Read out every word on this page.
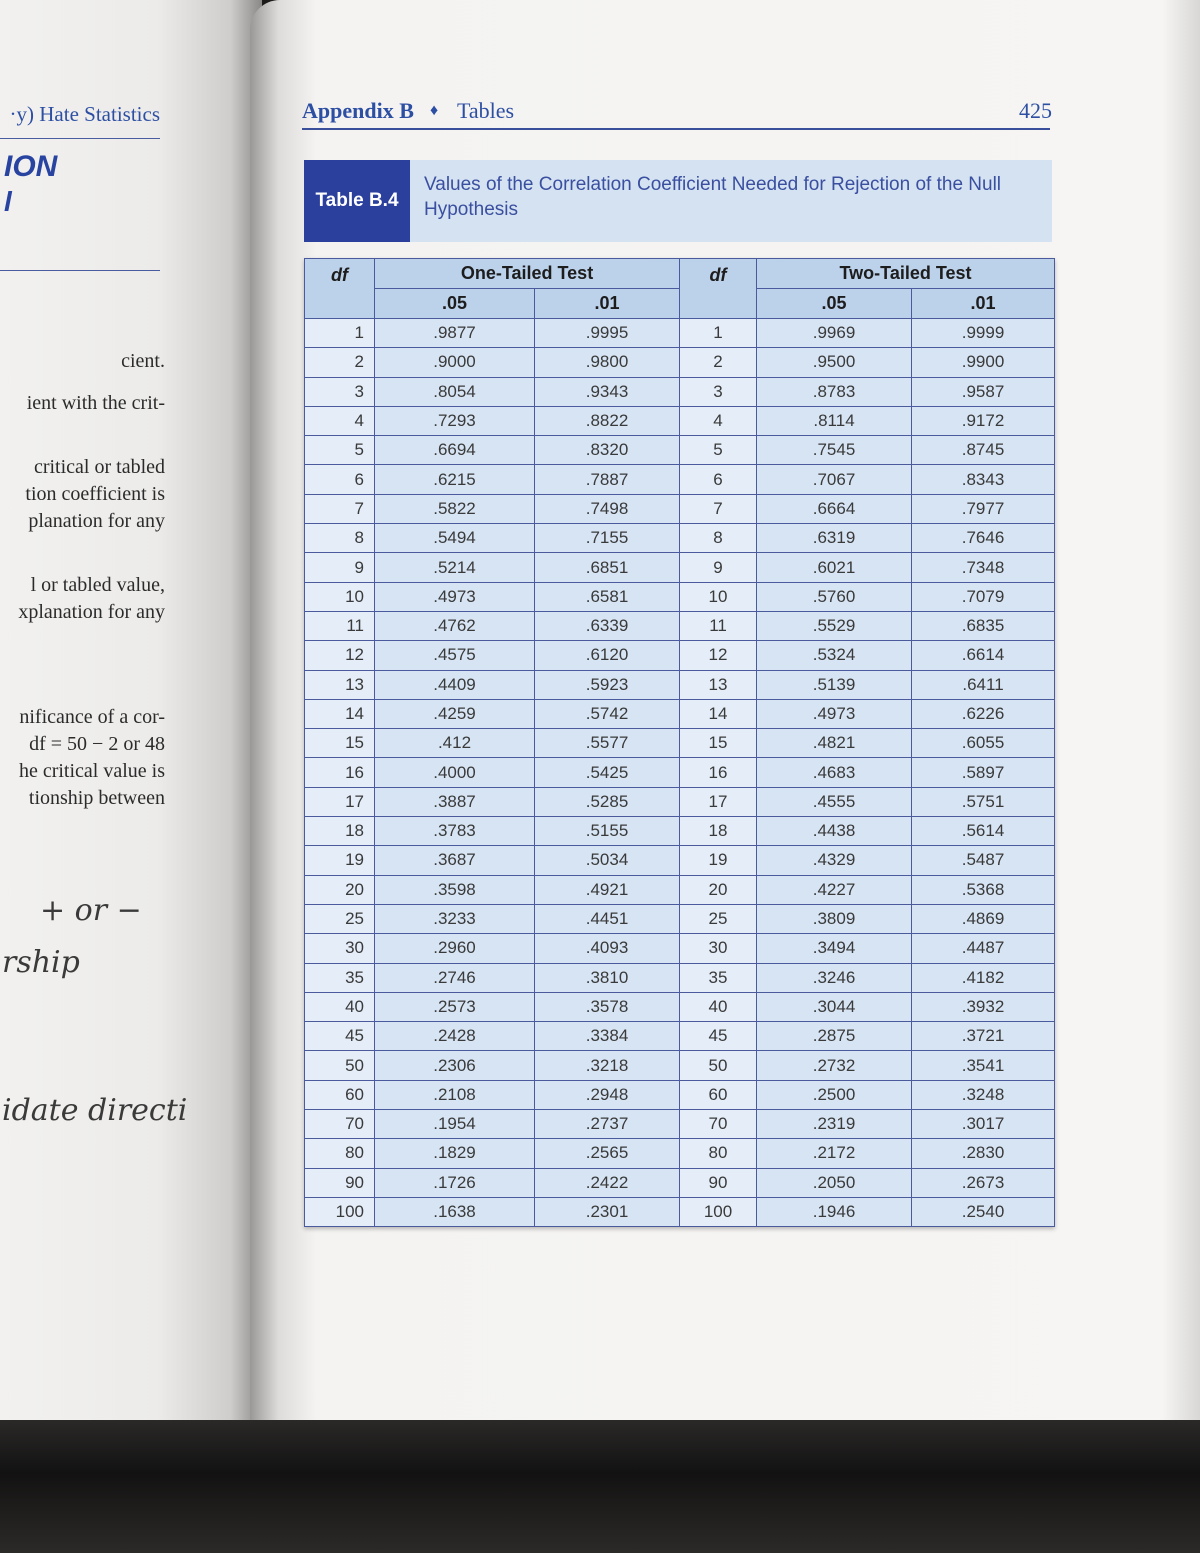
·y) Hate Statistics
ION
l
cient.
ient with the crit-
critical or tabled
tion coefficient is
planation for any
l or tabled value,
xplanation for any
nificance of a cor-
df = 50 − 2 or 48
he critical value is
tionship between
+ or −
rship
idate directi
Appendix B ♦ Tables	425
Table B.4
Values of the Correlation Coefficient Needed for Rejection of the Null Hypothesis
df	One-Tailed Test		df	Two-Tailed Test	
	.05	.01		.05	.01
1	.9877	.9995	1	.9969	.9999
2	.9000	.9800	2	.9500	.9900
3	.8054	.9343	3	.8783	.9587
4	.7293	.8822	4	.8114	.9172
5	.6694	.8320	5	.7545	.8745
6	.6215	.7887	6	.7067	.8343
7	.5822	.7498	7	.6664	.7977
8	.5494	.7155	8	.6319	.7646
9	.5214	.6851	9	.6021	.7348
10	.4973	.6581	10	.5760	.7079
11	.4762	.6339	11	.5529	.6835
12	.4575	.6120	12	.5324	.6614
13	.4409	.5923	13	.5139	.6411
14	.4259	.5742	14	.4973	.6226
15	.412	.5577	15	.4821	.6055
16	.4000	.5425	16	.4683	.5897
17	.3887	.5285	17	.4555	.5751
18	.3783	.5155	18	.4438	.5614
19	.3687	.5034	19	.4329	.5487
20	.3598	.4921	20	.4227	.5368
25	.3233	.4451	25	.3809	.4869
30	.2960	.4093	30	.3494	.4487
35	.2746	.3810	35	.3246	.4182
40	.2573	.3578	40	.3044	.3932
45	.2428	.3384	45	.2875	.3721
50	.2306	.3218	50	.2732	.3541
60	.2108	.2948	60	.2500	.3248
70	.1954	.2737	70	.2319	.3017
80	.1829	.2565	80	.2172	.2830
90	.1726	.2422	90	.2050	.2673
100	.1638	.2301	100	.1946	.2540
